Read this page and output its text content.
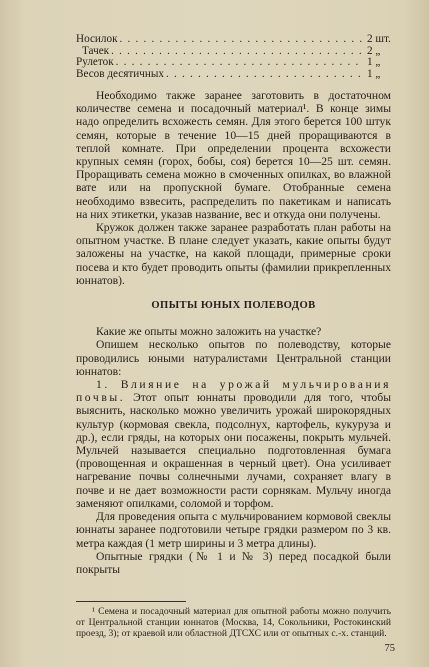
Носилок . . .	2 шт.
Тачек . . .	2 „
Рулеток . . .	1 „
Весов десятичных . . .	1 „

Необходимо также заранее заготовить в достаточном количестве семена и посадочный материал¹. В конце зимы надо определить всхожесть семян. Для этого берется 100 штук семян, которые в течение 10—15 дней проращиваются в теплой комнате. При определении процента всхожести крупных семян (горох, бобы, соя) берется 10—25 шт. семян. Проращивать семена можно в смоченных опилках, во влажной вате или на пропускной бумаге. Отобранные семена необходимо взвесить, распределить по пакетикам и написать на них этикетки, указав название, вес и откуда они получены.

Кружок должен также заранее разработать план работы на опытном участке. В плане следует указать, какие опыты будут заложены на участке, на какой площади, примерные сроки посева и кто будет проводить опыты (фамилии прикрепленных юннатов).

ОПЫТЫ ЮНЫХ ПОЛЕВОДОВ

Какие же опыты можно заложить на участке?

Опишем несколько опытов по полеводству, которые проводились юными натуралистами Центральной станции юннатов:

1. Влияние на урожай мульчирования почвы. Этот опыт юннаты проводили для того, чтобы выяснить, насколько можно увеличить урожай широкорядных культур (кормовая свекла, подсолнух, картофель, кукуруза и др.), если гряды, на которых они посажены, покрыть мульчей. Мульчей называется специально подготовленная бумага (провощенная и окрашенная в черный цвет). Она усиливает нагревание почвы солнечными лучами, сохраняет влагу в почве и не дает возможности расти сорнякам. Мульчу иногда заменяют опилками, соломой и торфом.

Для проведения опыта с мульчированием кормовой свеклы юннаты заранее подготовили четыре грядки размером по 3 кв. метра каждая (1 метр ширины и 3 метра длины).

Опытные грядки (№ 1 и № 3) перед посадкой были покрыты

¹ Семена и посадочный материал для опытной работы можно получить от Центральной станции юннатов (Москва, 14, Сокольники, Ростокинский проезд, 3); от краевой или областной ДТСХС или от опытных с.-х. станций.

75
